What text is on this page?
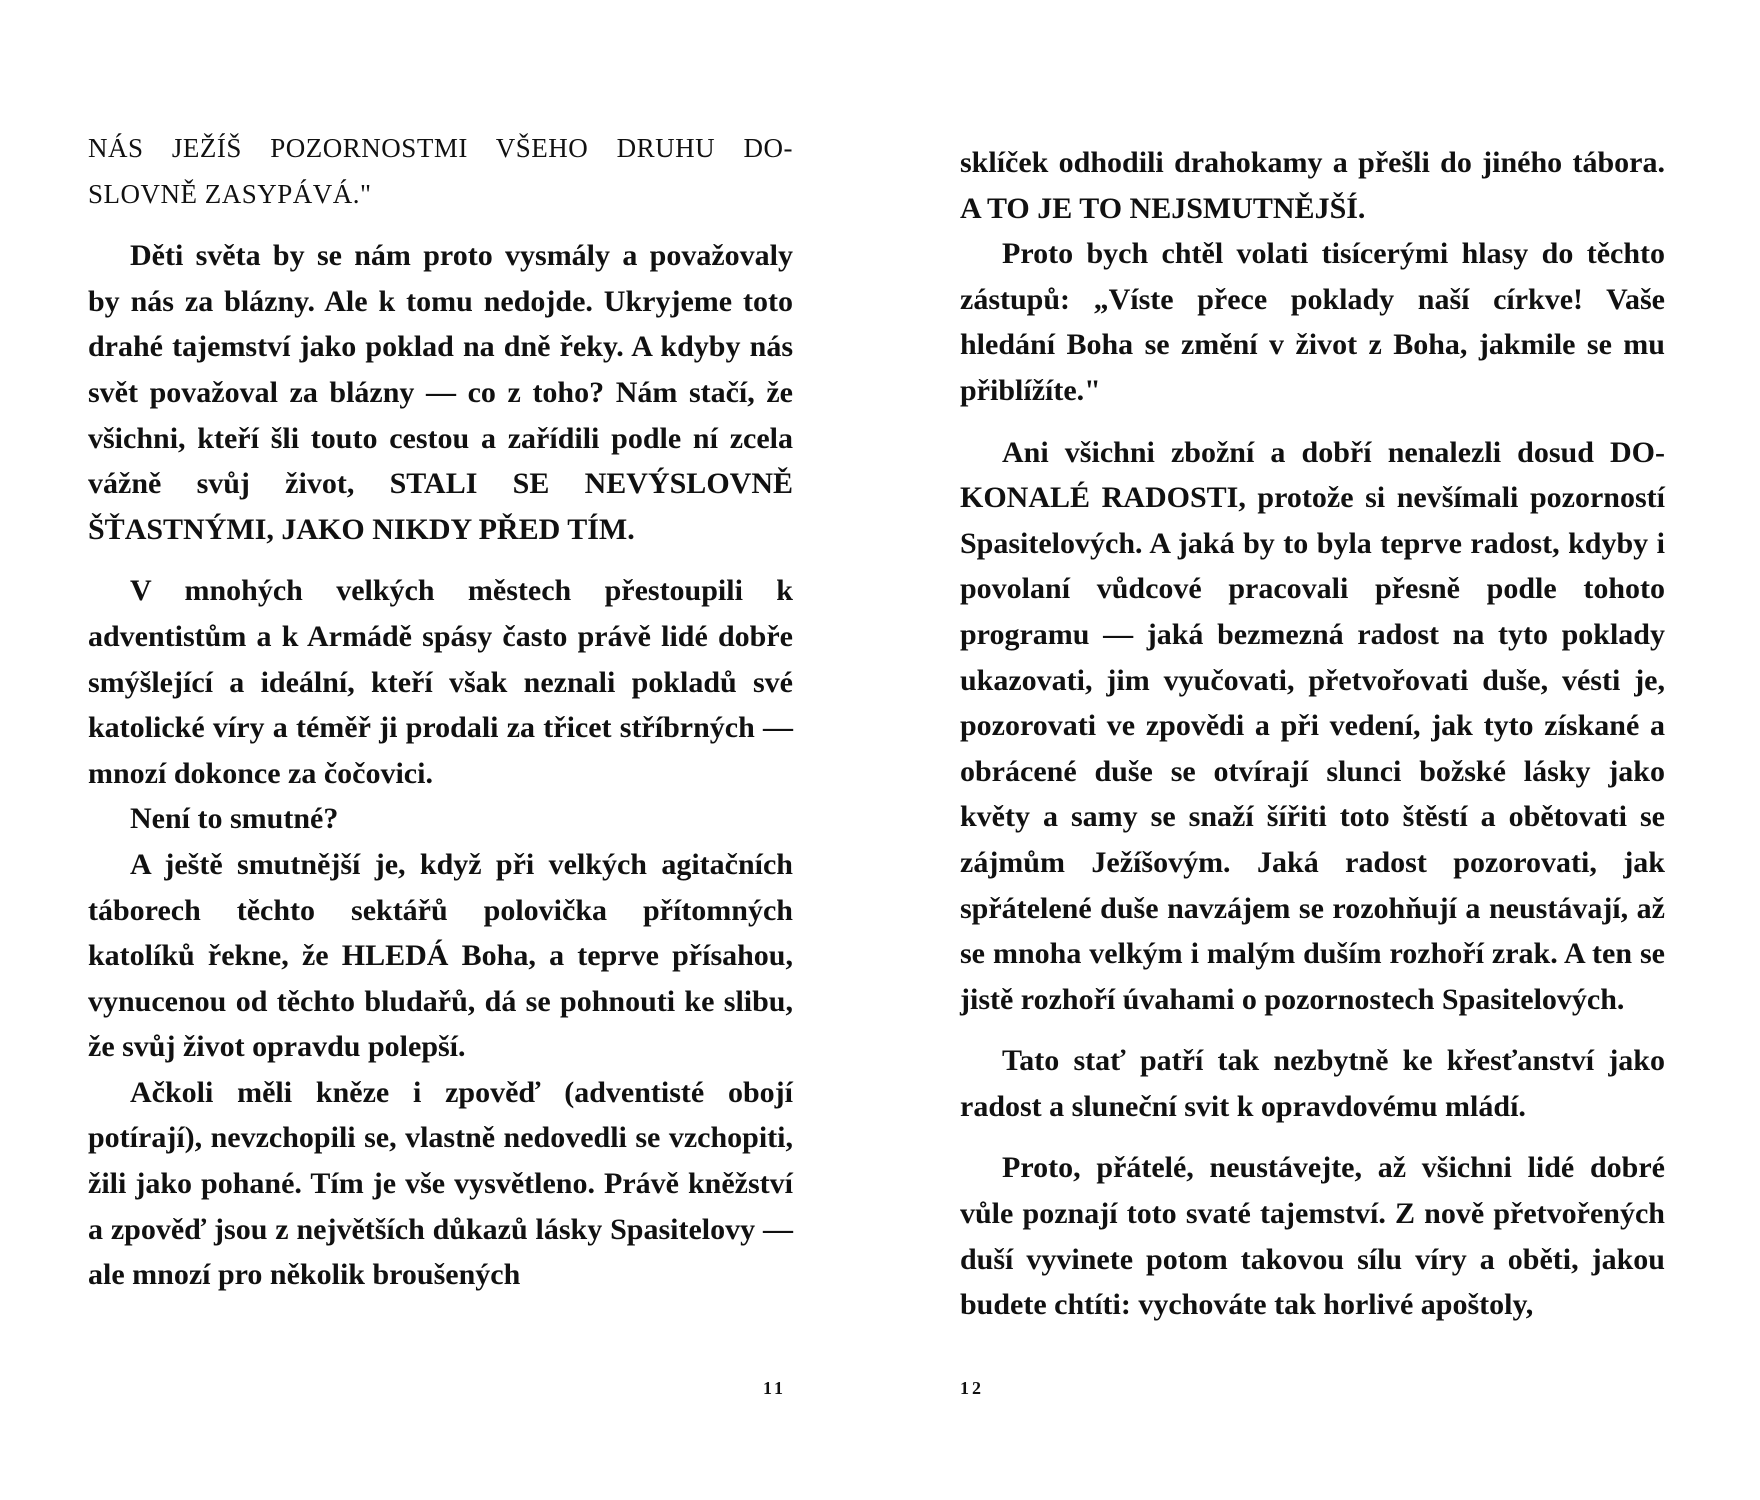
NÁS JEŽÍŠ POZORNOSTMI VŠEHO DRUHU DO-SLOVNĚ ZASYPÁVÁ."

Děti světa by se nám proto vysmály a považovaly by nás za blázny. Ale k tomu nedojde. Ukryjeme toto drahé tajemství jako poklad na dně řeky. A kdyby nás svět považoval za blázny — co z toho? Nám stačí, že všichni, kteří šli touto cestou a zařídili podle ní zcela vážně svůj život, STALI SE NEVÝSLOVNĚ ŠŤASTNÝMI, JAKO NIKDY PŘED TÍM.

V mnohých velkých městech přestoupili k adventistům a k Armádě spásy často právě lidé dobře smýšlející a ideální, kteří však neznali pokladů své katolické víry a téměř ji prodali za třicet stříbrných — mnozí dokonce za čočovici.

Není to smutné?

A ještě smutnější je, když při velkých agitačních táborech těchto sektářů polovička přítomných katolíků řekne, že HLEDÁ Boha, a teprve přísahou, vynucenou od těchto bludařů, dá se pohnouti ke slibu, že svůj život opravdu polepší.

Ačkoli měli kněze i zpověď (adventisté obojí potírají), nevzchopili se, vlastně nedovedli se vzchopiti, žili jako pohané. Tím je vše vysvětleno. Právě kněžství a zpověď jsou z největších důkazů lásky Spasitelovy — ale mnozí pro několik broušených

11

sklíček odhodili drahokamy a přešli do jiného tábora. A TO JE TO NEJSMUTNĚJŠÍ.

Proto bych chtěl volati tisícerými hlasy do těchto zástupů: „Víste přece poklady naší církve! Vaše hledání Boha se změní v život z Boha, jakmile se mu přiblížíte."

Ani všichni zbožní a dobří nenalezli dosud DO-KONALÉ RADOSTI, protože si nevšímali pozorností Spasitelových. A jaká by to byla teprve radost, kdyby i povolaní vůdcové pracovali přesně podle tohoto programu — jaká bezmezná radost na tyto poklady ukazovati, jim vyučovati, přetvořovati duše, vésti je, pozorovati ve zpovědi a při vedení, jak tyto získané a obrácené duše se otvírají slunci božské lásky jako květy a samy se snaží šířiti toto štěstí a obětovati se zájmům Ježíšovým. Jaká radost pozorovati, jak spřátelené duše navzájem se rozohňují a neustávají, až se mnoha velkým i malým duším rozhoří zrak. A ten se jistě rozhoří úvahami o pozornostech Spasitelových.

Tato stať patří tak nezbytně ke křesťanství jako radost a sluneční svit k opravdovému mládí.

Proto, přátelé, neustávejte, až všichni lidé dobré vůle poznají toto svaté tajemství. Z nově přetvořených duší vyvinete potom takovou sílu víry a oběti, jakou budete chtíti: vychováte tak horlivé apoštoly,

12
